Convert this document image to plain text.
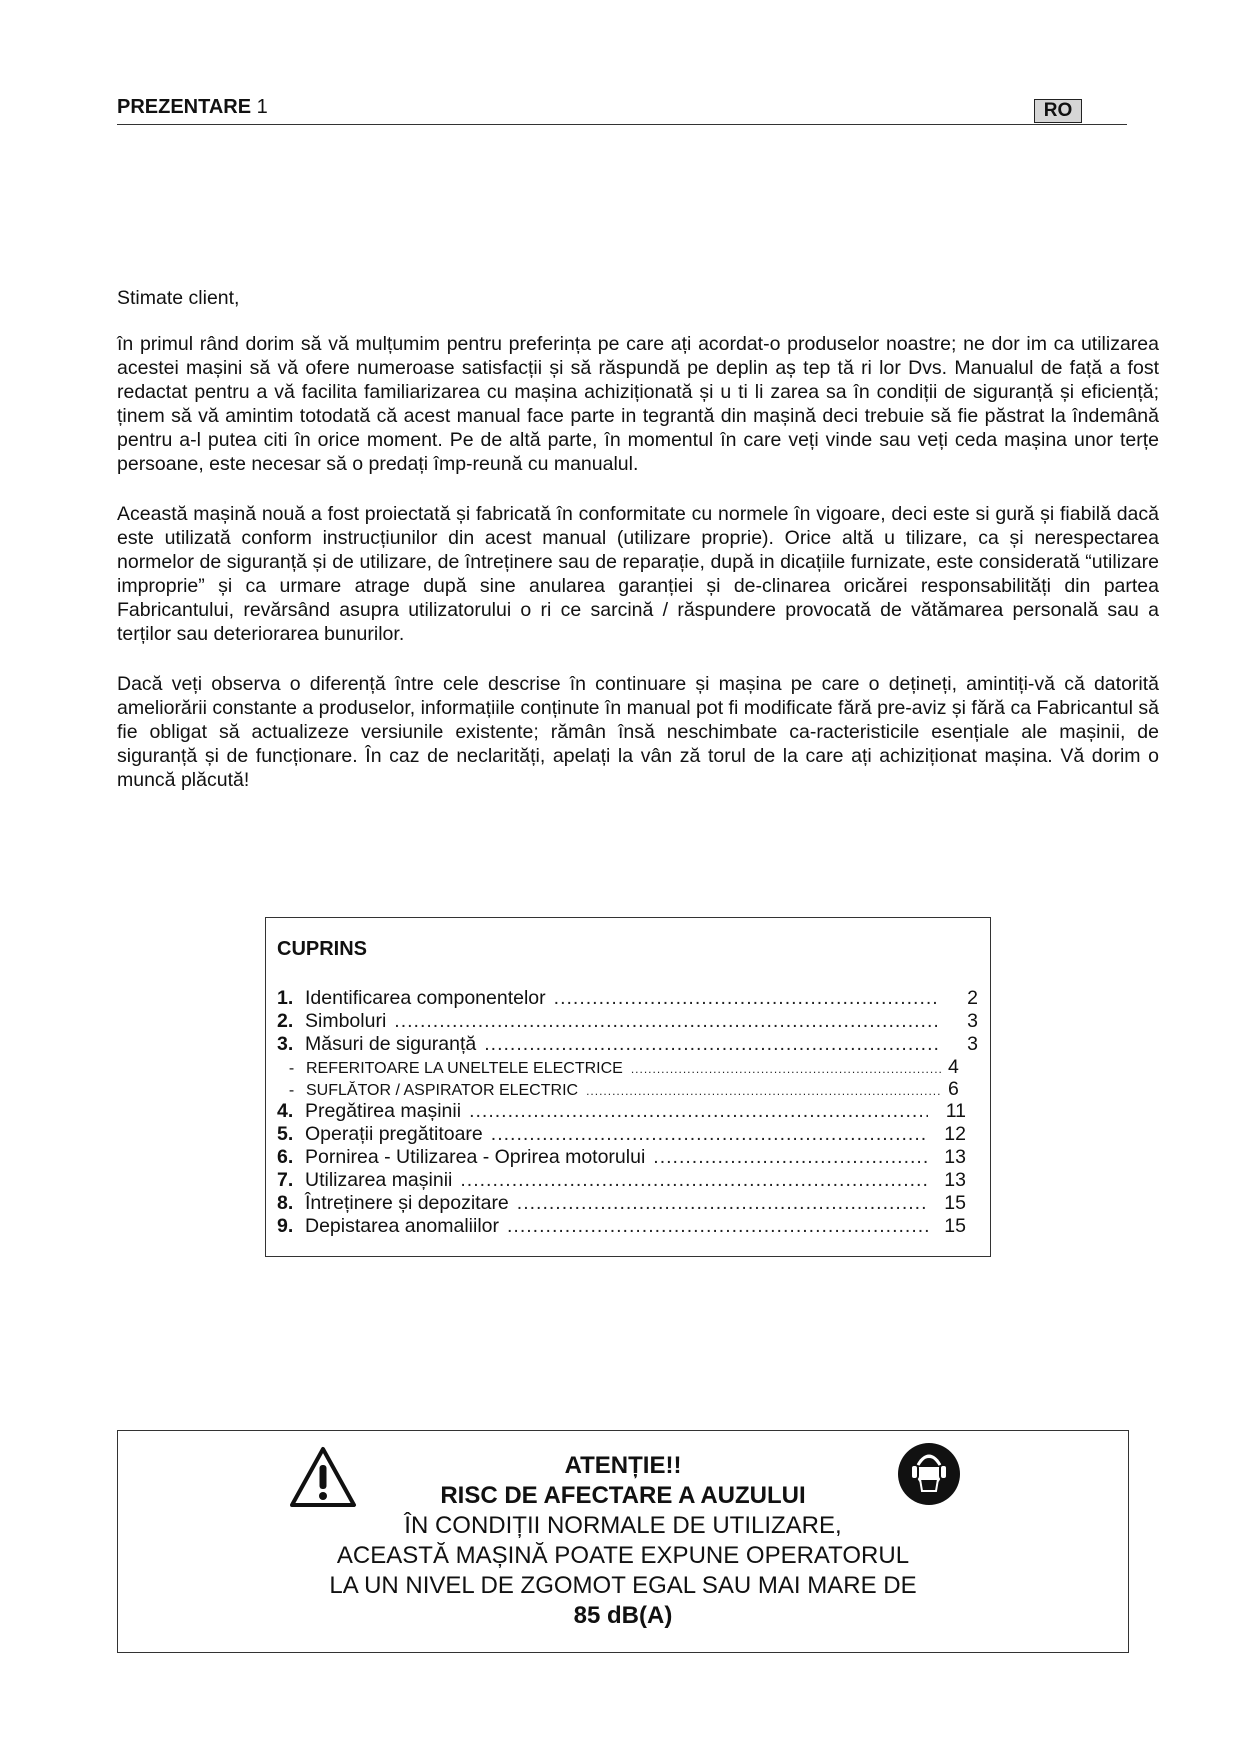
PREZENTARE 1	RO

Stimate client,

în primul rând dorim să vă mulțumim pentru preferința pe care ați acordat-o produselor noastre; ne dor im ca utilizarea acestei mașini să vă ofere numeroase satisfacții și să răspundă pe deplin aș tep tă ri lor Dvs. Manualul de față a fost redactat pentru a vă facilita familiarizarea cu mașina achiziționată și u ti li zarea sa în condiții de siguranță și eficiență; ținem să vă amintim totodată că acest manual face parte in tegrantă din mașină deci trebuie să fie păstrat la îndemână pentru a-l putea citi în orice moment. Pe de altă parte, în momentul în care veți vinde sau veți ceda mașina unor terțe persoane, este necesar să o predați împ-reună cu manualul.

Această mașină nouă a fost proiectată și fabricată în conformitate cu normele în vigoare, deci este si gură și fiabilă dacă este utilizată conform instrucțiunilor din acest manual (utilizare proprie). Orice altă u tilizare, ca și nerespectarea normelor de siguranță și de utilizare, de întreținere sau de reparație, după in dicațiile furnizate, este considerată “utilizare improprie” și ca urmare atrage după sine anularea garanției și de-clinarea oricărei responsabilități din partea Fabricantului, revărsând asupra utilizatorului o ri ce sarcină / răspundere provocată de vătămarea personală sau a terților sau deteriorarea bunurilor.

Dacă veți observa o diferență între cele descrise în continuare și mașina pe care o dețineți, amintiți-vă că datorită ameliorării constante a produselor, informațiile conținute în manual pot fi modificate fără pre-aviz și fără ca Fabricantul să fie obligat să actualizeze versiunile existente; rămân însă neschimbate ca-racteristicile esențiale ale mașinii, de siguranță și de funcționare. În caz de neclarități, apelați la vân ză torul de la care ați achiziționat mașina. Vă dorim o muncă plăcută!

CUPRINS
1. Identificarea componentelor .....	2
2. Simboluri .....	3
3. Măsuri de siguranță .....	3
- REFERITOARE LA UNELTELE ELECTRICE .....	4
- SUFLĂTOR / ASPIRATOR ELECTRIC .....	6
4. Pregătirea mașinii .....	11
5. Operații pregătitoare .....	12
6. Pornirea - Utilizarea - Oprirea motorului .....	13
7. Utilizarea mașinii .....	13
8. Întreținere și depozitare .....	15
9. Depistarea anomaliilor .....	15
ATENȚIE!!
RISC DE AFECTARE A AUZULUI
ÎN CONDIȚII NORMALE DE UTILIZARE,
ACEASTĂ MAȘINĂ POATE EXPUNE OPERATORUL
LA UN NIVEL DE ZGOMOT EGAL SAU MAI MARE DE
85 dB(A)
